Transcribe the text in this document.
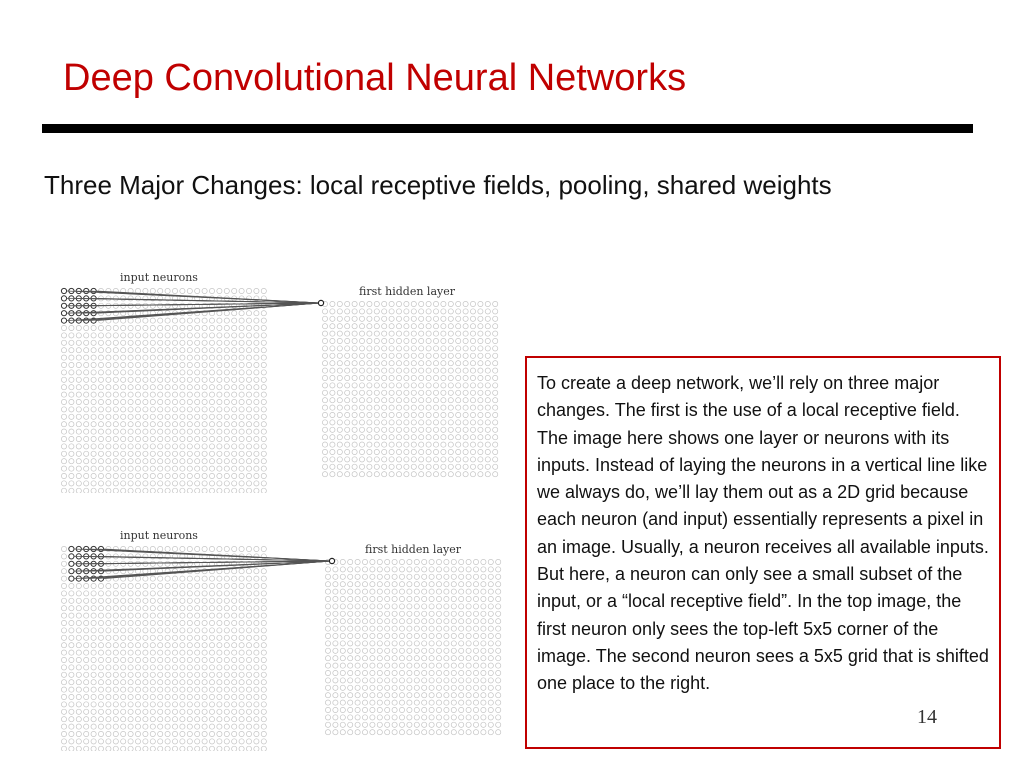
Deep Convolutional Neural Networks
Three Major Changes: local receptive fields, pooling, shared weights
input neurons
first hidden layer
input neurons
first hidden layer

To create a deep network, we’ll rely on three major changes. The first is the use of a local receptive field. The image here shows one layer or neurons with its inputs. Instead of laying the neurons in a vertical line like we always do, we’ll lay them out as a 2D grid because each neuron (and input) essentially represents a pixel in an image. Usually, a neuron receives all available inputs. But here, a neuron can only see a small subset of the input, or a “local receptive field”. In the top image, the first neuron only sees the top-left 5x5 corner of the image. The second neuron sees a 5x5 grid that is shifted one place to the right.

14
